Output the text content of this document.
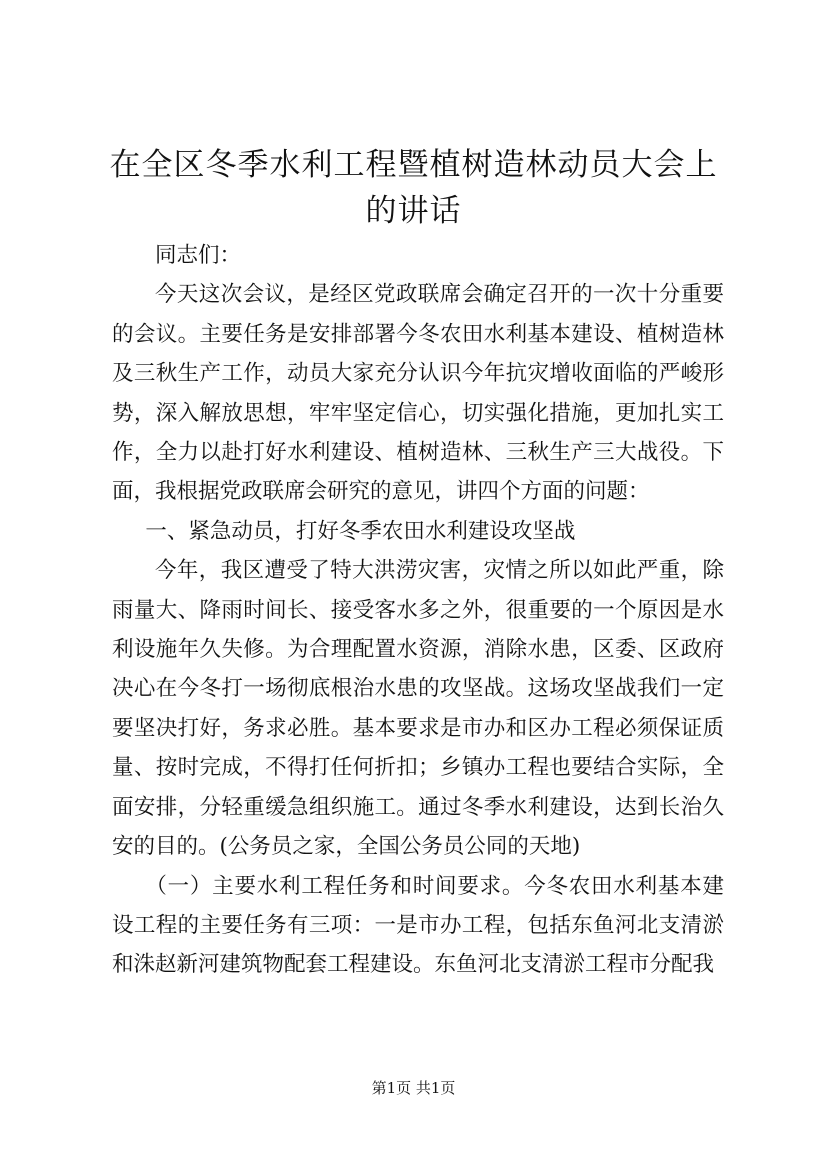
在全区冬季水利工程暨植树造林动员大会上的讲话

同志们：

今天这次会议，是经区党政联席会确定召开的一次十分重要的会议。主要任务是安排部署今冬农田水利基本建设、植树造林及三秋生产工作，动员大家充分认识今年抗灾增收面临的严峻形势，深入解放思想，牢牢坚定信心，切实强化措施，更加扎实工作，全力以赴打好水利建设、植树造林、三秋生产三大战役。下面，我根据党政联席会研究的意见，讲四个方面的问题：

一、紧急动员，打好冬季农田水利建设攻坚战

今年，我区遭受了特大洪涝灾害，灾情之所以如此严重，除雨量大、降雨时间长、接受客水多之外，很重要的一个原因是水利设施年久失修。为合理配置水资源，消除水患，区委、区政府决心在今冬打一场彻底根治水患的攻坚战。这场攻坚战我们一定要坚决打好，务求必胜。基本要求是市办和区办工程必须保证质量、按时完成，不得打任何折扣；乡镇办工程也要结合实际，全面安排，分轻重缓急组织施工。通过冬季水利建设，达到长治久安的目的。(公务员之家，全国公务员公同的天地)

（一）主要水利工程任务和时间要求。今冬农田水利基本建设工程的主要任务有三项：一是市办工程，包括东鱼河北支清淤和洙赵新河建筑物配套工程建设。东鱼河北支清淤工程市分配我

第1页 共1页
